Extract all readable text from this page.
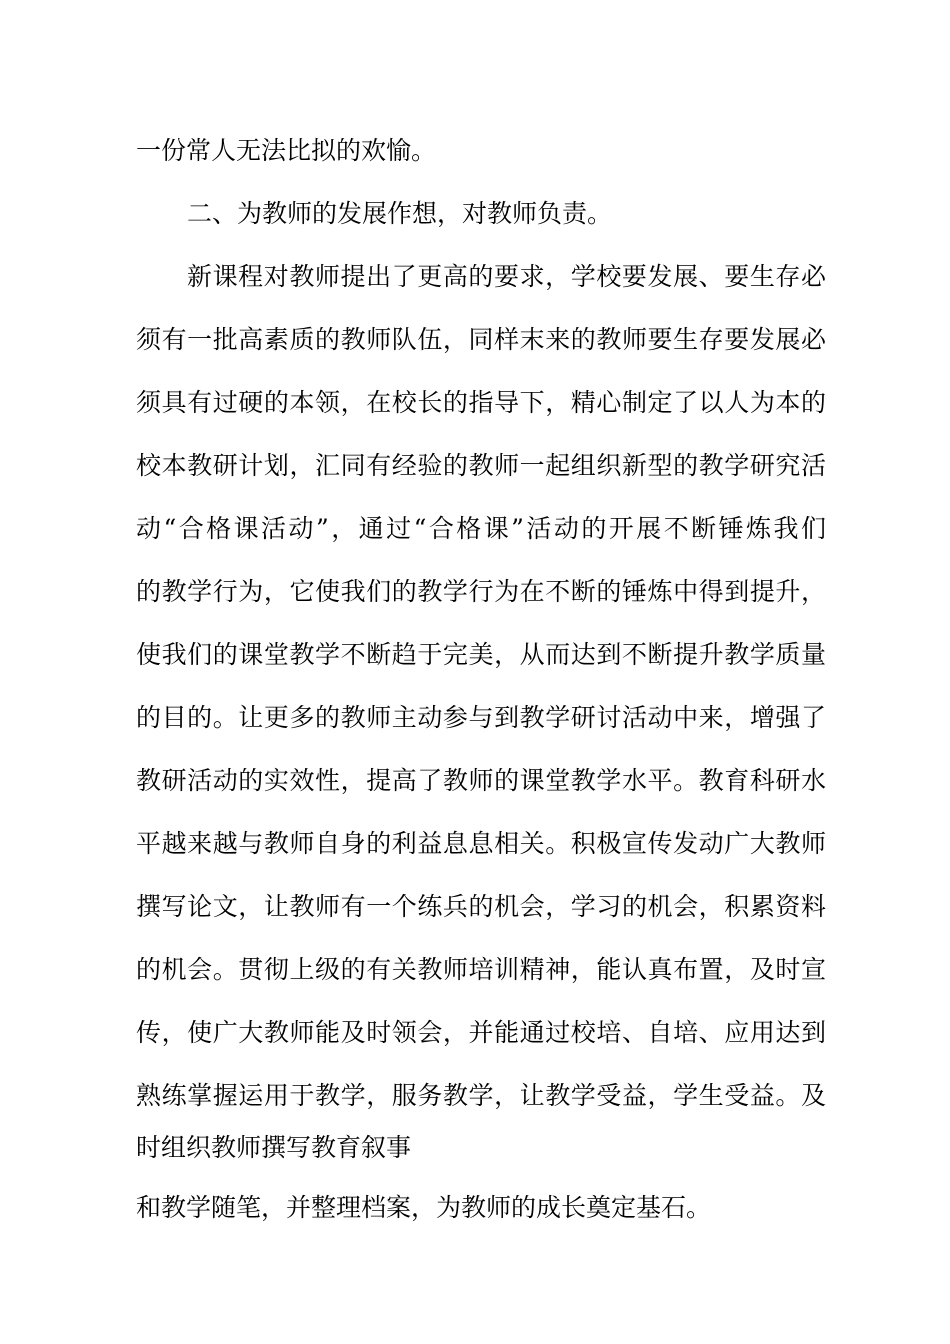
一份常人无法比拟的欢愉。
二、为教师的发展作想，对教师负责。
新课程对教师提出了更高的要求，学校要发展、要生存必
须有一批高素质的教师队伍，同样末来的教师要生存要发展必
须具有过硬的本领，在校长的指导下，精心制定了以人为本的
校本教研计划，汇同有经验的教师一起组织新型的教学研究活
动“合格课活动”，通过“合格课”活动的开展不断锤炼我们
的教学行为，它使我们的教学行为在不断的锤炼中得到提升，
使我们的课堂教学不断趋于完美，从而达到不断提升教学质量
的目的。让更多的教师主动参与到教学研讨活动中来，增强了
教研活动的实效性，提高了教师的课堂教学水平。教育科研水
平越来越与教师自身的利益息息相关。积极宣传发动广大教师
撰写论文，让教师有一个练兵的机会，学习的机会，积累资料
的机会。贯彻上级的有关教师培训精神，能认真布置，及时宣
传，使广大教师能及时领会，并能通过校培、自培、应用达到
熟练掌握运用于教学，服务教学，让教学受益，学生受益。及
时组织教师撰写教育叙事
和教学随笔，并整理档案，为教师的成长奠定基石。
